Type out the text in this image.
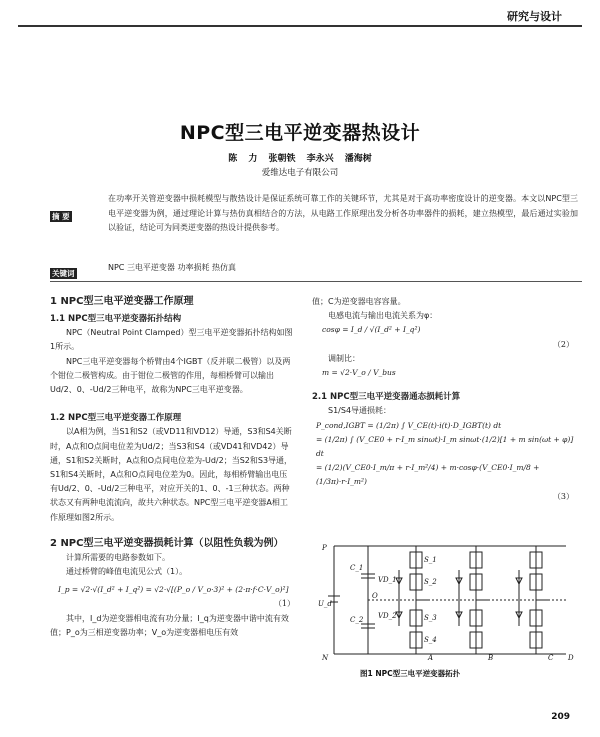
研究与设计
NPC型三电平逆变器热设计
陈 力 张朝铁 李永兴 潘海树
爱维达电子有限公司
摘 要
在功率开关管逆变器中损耗模型与散热设计是保证系统可靠工作的关键环节，尤其是对于高功率密度设计的逆变器。本文以NPC型三电平逆变器为例，通过理论计算与热仿真相结合的方法，从电路工作原理出发分析各功率器件的损耗，建立热模型，最后通过实验加以验证，结论可为同类逆变器的热设计提供参考。
关键词
NPC 三电平逆变器 功率损耗 热仿真
1 NPC型三电平逆变器工作原理
1.1 NPC型三电平逆变器拓扑结构
NPC（Neutral Point Clamped）型三电平逆变器拓扑结构如图1所示。
NPC三电平逆变器每个桥臂由4个IGBT（反并联二极管）以及两个钳位二极管构成。由于钳位二极管的作用，每相桥臂可以输出Ud/2、0、-Ud/2三种电平，故称为NPC三电平逆变器。
1.2 NPC型三电平逆变器工作原理
以A相为例，当S1和S2（或VD11和VD12）导通，S3和S4关断时，A点和O点间电位差为Ud/2；当S3和S4（或VD41和VD42）导通，S1和S2关断时，A点和O点间电位差为-Ud/2；当S2和S3导通，S1和S4关断时，A点和O点间电位差为0。因此，每相桥臂输出电压有Ud/2、0、-Ud/2三种电平，对应开关的1、0、-1三种状态。两种状态又有两种电流流向，故共六种状态。NPC型三电平逆变器A相工作原理如图2所示。
2 NPC型三电平逆变器损耗计算（以阻性负载为例）
计算所需要的电路参数如下。
通过桥臂的峰值电流见公式（1）。
I_p = √2·√(I_d² + I_q²) = √2·√[(P_o / V_o·3)² + (2·π·f·C·V_o)²]
（1）
其中，I_d为逆变器相电流有功分量；I_q为逆变器中谐中流有效值；P_o为三相逆变器功率；V_o为逆变器相电压有效
值；C为逆变器电容容量。
电感电流与输出电流关系为φ：
cosφ = I_d / √(I_d² + I_q²)
（2）
调制比：
m = √2·V_o / V_bus
2.1 NPC型三电平逆变器通态损耗计算
S1/S4导通损耗：
P_cond,IGBT = (1/2π) ∫ V_CE(t)·i(t)·D_IGBT(t) dt
= (1/2π) ∫ (V_CE0 + r·I_m sinωt)·I_m sinωt·(1/2)[1 + m sin(ωt + φ)] dt
= (1/2)(V_CE0·I_m/π + r·I_m²/4) + m·cosφ·(V_CE0·I_m/8 + (1/3π)·r·I_m²)
（3）
P
N
U_d
C_1
C_2
O
S_1
S_2
S_3
S_4
VD_1
VD_2
A	B	C D
图1 NPC型三电平逆变器拓扑
209
